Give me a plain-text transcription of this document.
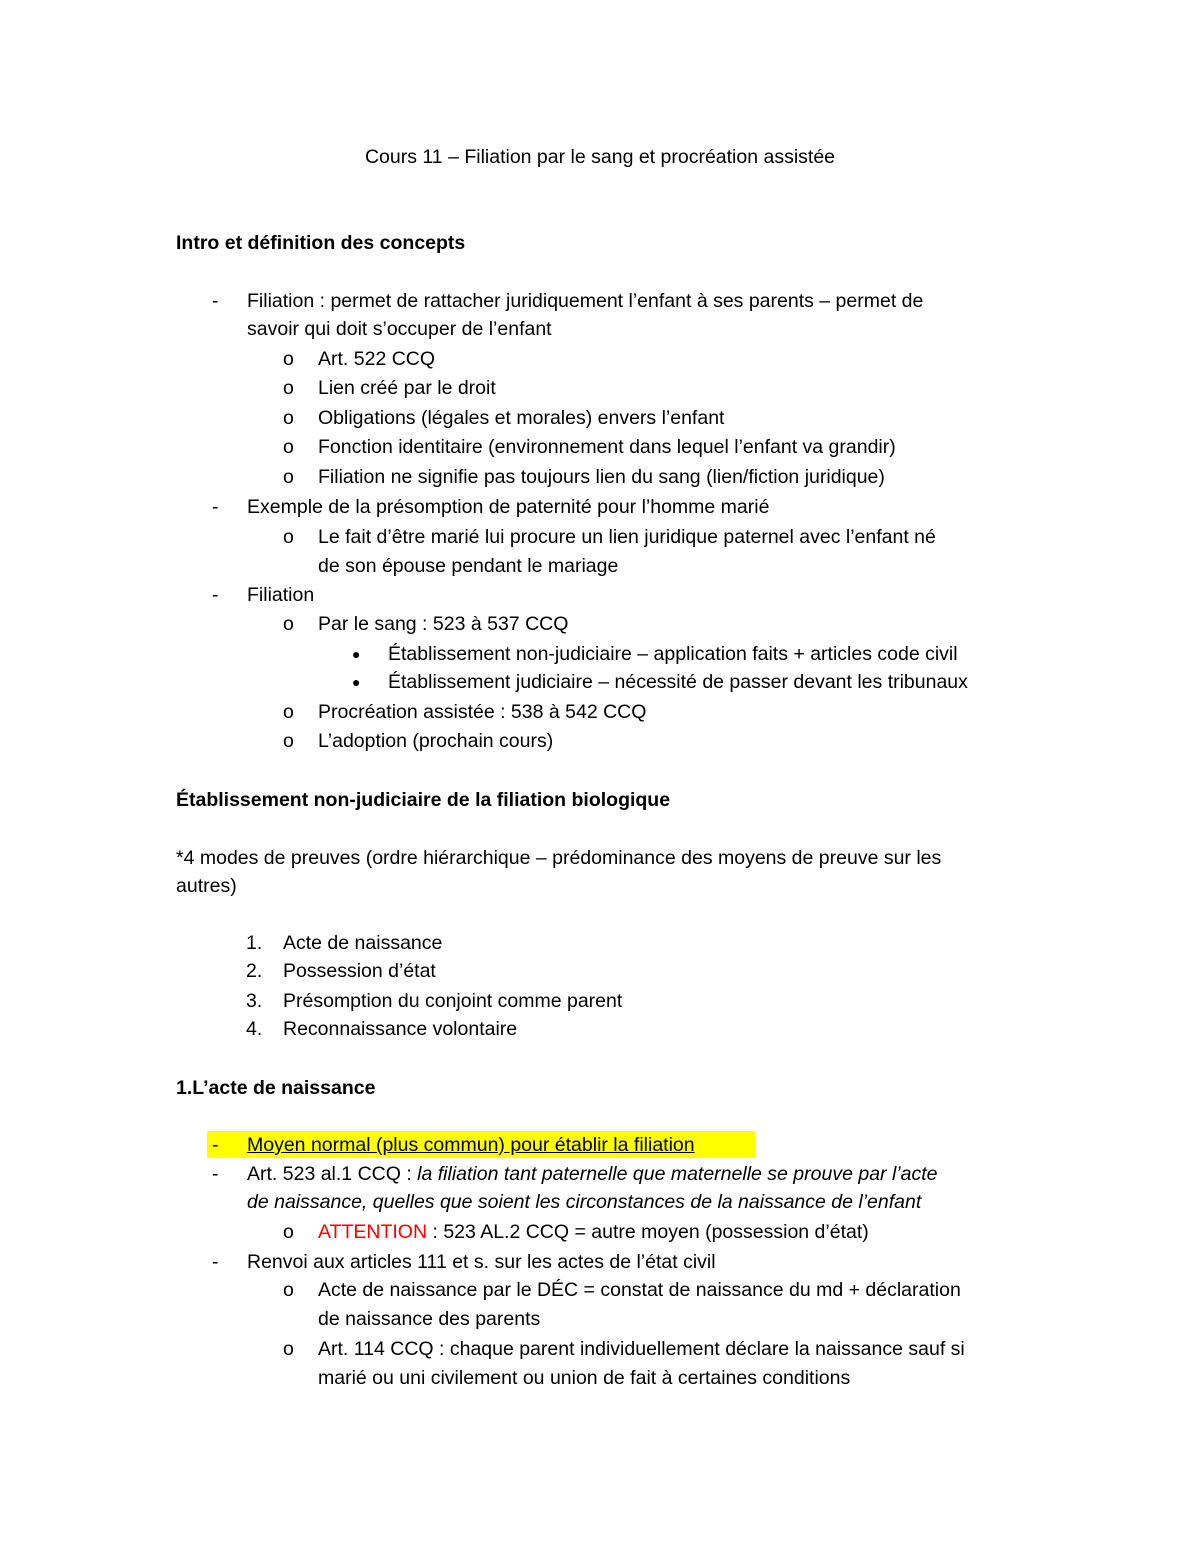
Cours 11 – Filiation par le sang et procréation assistée
Intro et définition des concepts
- Filiation : permet de rattacher juridiquement l’enfant à ses parents – permet de
savoir qui doit s’occuper de l’enfant
o Art. 522 CCQ
o Lien créé par le droit
o Obligations (légales et morales) envers l’enfant
o Fonction identitaire (environnement dans lequel l’enfant va grandir)
o Filiation ne signifie pas toujours lien du sang (lien/fiction juridique)
- Exemple de la présomption de paternité pour l’homme marié
o Le fait d’être marié lui procure un lien juridique paternel avec l’enfant né
de son épouse pendant le mariage
- Filiation
o Par le sang : 523 à 537 CCQ
● Établissement non-judiciaire – application faits + articles code civil
● Établissement judiciaire – nécessité de passer devant les tribunaux
o Procréation assistée : 538 à 542 CCQ
o L’adoption (prochain cours)
Établissement non-judiciaire de la filiation biologique
*4 modes de preuves (ordre hiérarchique – prédominance des moyens de preuve sur les
autres)
1. Acte de naissance
2. Possession d’état
3. Présomption du conjoint comme parent
4. Reconnaissance volontaire
1.L’acte de naissance
- Moyen normal (plus commun) pour établir la filiation
- Art. 523 al.1 CCQ : la filiation tant paternelle que maternelle se prouve par l’acte
de naissance, quelles que soient les circonstances de la naissance de l’enfant
o ATTENTION : 523 AL.2 CCQ = autre moyen (possession d’état)
- Renvoi aux articles 111 et s. sur les actes de l’état civil
o Acte de naissance par le DÉC = constat de naissance du md + déclaration
de naissance des parents
o Art. 114 CCQ : chaque parent individuellement déclare la naissance sauf si
marié ou uni civilement ou union de fait à certaines conditions
